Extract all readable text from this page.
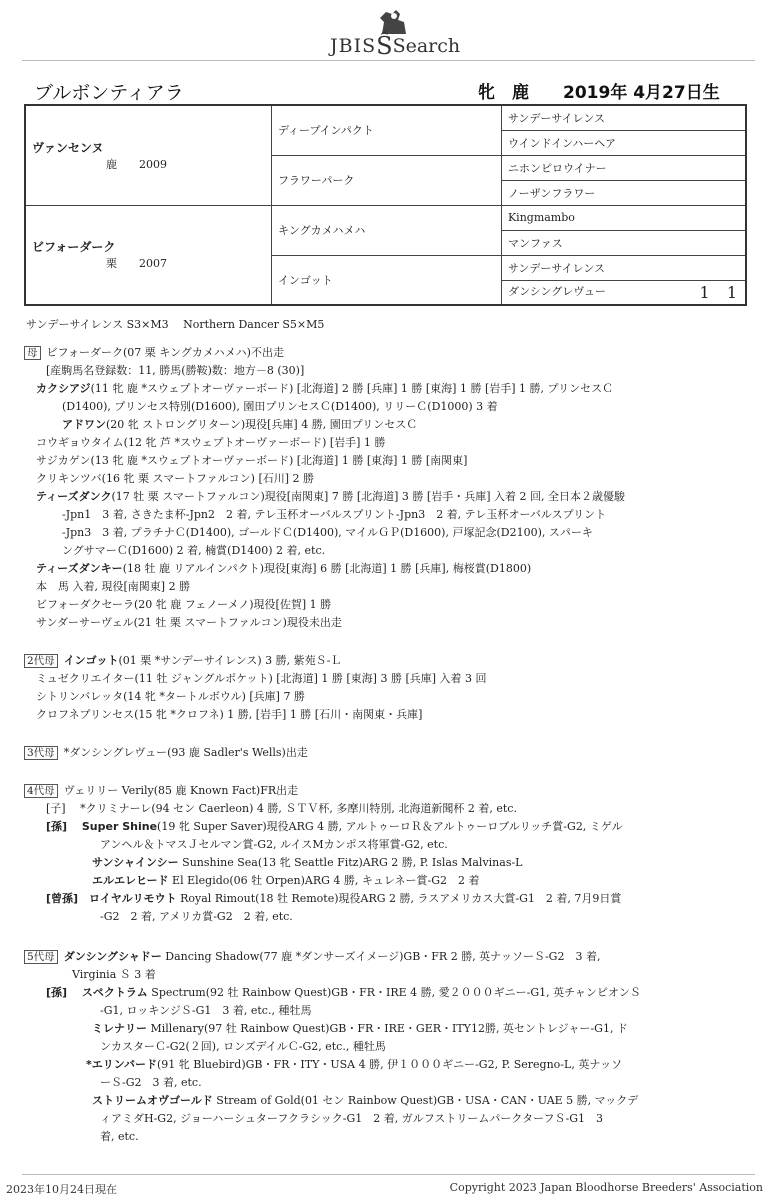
JBISŜSearch
ブルボンティアラ	牝　鹿　　 2019年 4月27日生
ヴァンセンヌ
鹿　　2009	ディープインパクト	サンデーサイレンス
		ウインドインハーヘア
	フラワーパーク	ニホンピロウイナー
		ノーザンフラワー
ビフォーダーク
栗　　2007	キングカメハメハ	Kingmambo
		マンファス
	インゴット	サンデーサイレンス
		ダンシングレヴュー 1 1
サンデーサイレンス S3×M3　 Northern Dancer S5×M5
母 ビフォーダーク(07 栗 キングカメハメハ)不出走
[産駒馬名登録数：11, 勝馬(勝鞍)数：地方－8 (30)]
カクシアジ(11 牝 鹿 *スウェプトオーヴァーボード) [北海道] 2 勝 [兵庫] 1 勝 [東海] 1 勝 [岩手] 1 勝, プリンセスＣ
(D1400), プリンセス特別(D1600), 園田プリンセスＣ(D1400), リリーＣ(D1000) 3 着
アドワン(20 牝 ストロングリターン)現役[兵庫] 4 勝, 園田プリンセスＣ
コウギョウタイム(12 牝 芦 *スウェプトオーヴァーボード) [岩手] 1 勝
サジカゲン(13 牝 鹿 *スウェプトオーヴァーボード) [北海道] 1 勝 [東海] 1 勝 [南関東]
クリキンツバ(16 牝 栗 スマートファルコン) [石川] 2 勝
ティーズダンク(17 牡 栗 スマートファルコン)現役[南関東] 7 勝 [北海道] 3 勝 [岩手・兵庫] 入着 2 回, 全日本２歳優駿
-Jpn1　3 着, さきたま杯-Jpn2　2 着, テレ玉杯オーバルスプリント-Jpn3　2 着, テレ玉杯オーバルスプリント
-Jpn3　3 着, プラチナＣ(D1400), ゴールドＣ(D1400), マイルＧＰ(D1600), 戸塚記念(D2100), スパーキ
ングサマーＣ(D1600) 2 着, 楠賞(D1400) 2 着, etc.
ティーズダンキー(18 牡 鹿 リアルインパクト)現役[東海] 6 勝 [北海道] 1 勝 [兵庫], 梅桜賞(D1800)
本　馬 入着, 現役[南関東] 2 勝
ビフォーダクセーラ(20 牝 鹿 フェノーメノ)現役[佐賀] 1 勝
サンダーサーヴェル(21 牡 栗 スマートファルコン)現役未出走
2代母 インゴット(01 栗 *サンデーサイレンス) 3 勝, 紫苑Ｓ-Ｌ
ミュゼクリエイター(11 牡 ジャングルポケット) [北海道] 1 勝 [東海] 3 勝 [兵庫] 入着 3 回
シトリンバレッタ(14 牝 *タートルボウル) [兵庫] 7 勝
クロフネプリンセス(15 牝 *クロフネ) 1 勝, [岩手] 1 勝 [石川・南関東・兵庫]
3代母 *ダンシングレヴュー(93 鹿 Sadler's Wells)出走
4代母 ヴェリリー Verily(85 鹿 Known Fact)FR出走
[子]　 *クリミナーレ(94 セン Caerleon) 4 勝, ＳＴＶ杯, 多摩川特別, 北海道新聞杯 2 着, etc.
[孫]　 Super Shine(19 牝 Super Saver)現役ARG 4 勝, アルトゥーロＲ＆アルトゥーロブルリッチ賞-G2, ミゲル
アンヘル＆トマスＪセルマン賞-G2, ルイスMカンポス将軍賞-G2, etc.
サンシャインシー Sunshine Sea(13 牝 Seattle Fitz)ARG 2 勝, P. Islas Malvinas-L
エルエレヒード El Elegido(06 牡 Orpen)ARG 4 勝, キュレネー賞-G2　2 着
[曾孫]　ロイヤルリモウト Royal Rimout(18 牡 Remote)現役ARG 2 勝, ラスアメリカス大賞-G1　2 着, 7月9日賞
-G2　2 着, アメリカ賞-G2　2 着, etc.
5代母 ダンシングシャドー Dancing Shadow(77 鹿 *ダンサーズイメージ)GB・FR 2 勝, 英ナッソーＳ-G2　3 着,
Virginia Ｓ 3 着
[孫]　 スペクトラム Spectrum(92 牡 Rainbow Quest)GB・FR・IRE 4 勝, 愛２０００ギニー-G1, 英チャンピオンＳ
-G1, ロッキンジＳ-G1　3 着, etc., 種牡馬
ミレナリー Millenary(97 牡 Rainbow Quest)GB・FR・IRE・GER・ITY12勝, 英セントレジャー-G1, ド
ンカスターＣ-G2(２回), ロンズデイルＣ-G2, etc., 種牡馬
*エリンバード(91 牝 Bluebird)GB・FR・ITY・USA 4 勝, 伊１０００ギニー-G2, P. Seregno-L, 英ナッソ
ーＳ-G2　3 着, etc.
ストリームオヴゴールド Stream of Gold(01 セン Rainbow Quest)GB・USA・CAN・UAE 5 勝, マックデ
ィアミダH-G2, ジョーハーシュターフクラシック-G1　2 着, ガルフストリームパークターフＳ-G1　3
着, etc.
2023年10月24日現在	Copyright 2023 Japan Bloodhorse Breeders' Association
